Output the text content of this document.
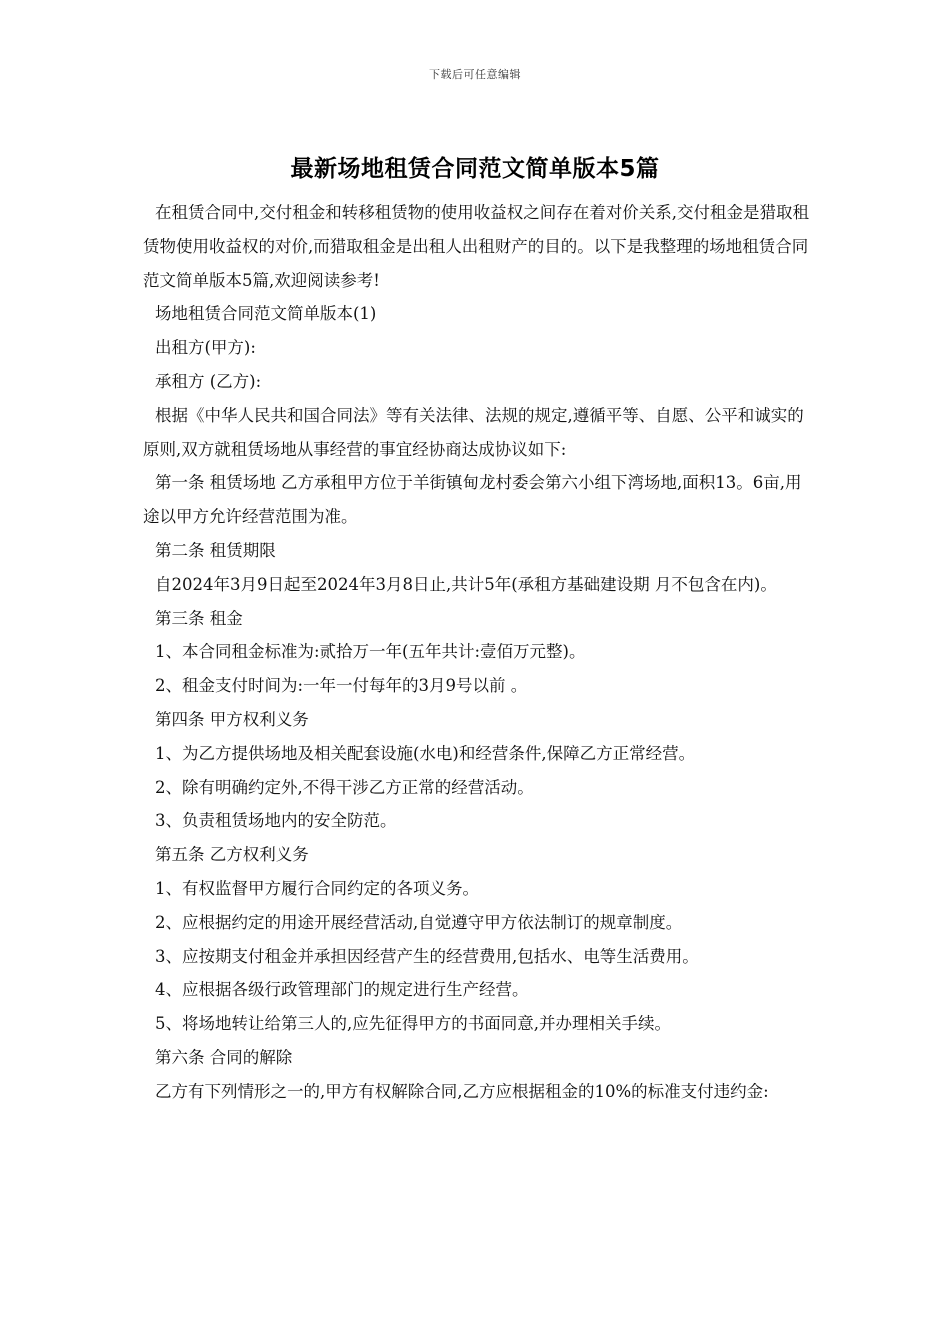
下载后可任意编辑
最新场地租赁合同范文简单版本5篇

在租赁合同中,交付租金和转移租赁物的使用收益权之间存在着对价关系,交付租金是猎取租赁物使用收益权的对价,而猎取租金是出租人出租财产的目的。以下是我整理的场地租赁合同范文简单版本5篇,欢迎阅读参考!

场地租赁合同范文简单版本(1)

出租方(甲方):

承租方 (乙方):

根据《中华人民共和国合同法》等有关法律、法规的规定,遵循平等、自愿、公平和诚实的原则,双方就租赁场地从事经营的事宜经协商达成协议如下:

第一条 租赁场地 乙方承租甲方位于羊街镇甸龙村委会第六小组下湾场地,面积13。6亩,用途以甲方允许经营范围为准。

第二条 租赁期限

自2024年3月9日起至2024年3月8日止,共计5年(承租方基础建设期 月不包含在内)。

第三条 租金

1、本合同租金标准为:贰拾万一年(五年共计:壹佰万元整)。

2、租金支付时间为:一年一付每年的3月9号以前 。

第四条 甲方权利义务

1、为乙方提供场地及相关配套设施(水电)和经营条件,保障乙方正常经营。

2、除有明确约定外,不得干涉乙方正常的经营活动。

3、负责租赁场地内的安全防范。

第五条 乙方权利义务

1、有权监督甲方履行合同约定的各项义务。

2、应根据约定的用途开展经营活动,自觉遵守甲方依法制订的规章制度。

3、应按期支付租金并承担因经营产生的经营费用,包括水、电等生活费用。

4、应根据各级行政管理部门的规定进行生产经营。

5、将场地转让给第三人的,应先征得甲方的书面同意,并办理相关手续。

第六条 合同的解除

乙方有下列情形之一的,甲方有权解除合同,乙方应根据租金的10%的标准支付违约金:
